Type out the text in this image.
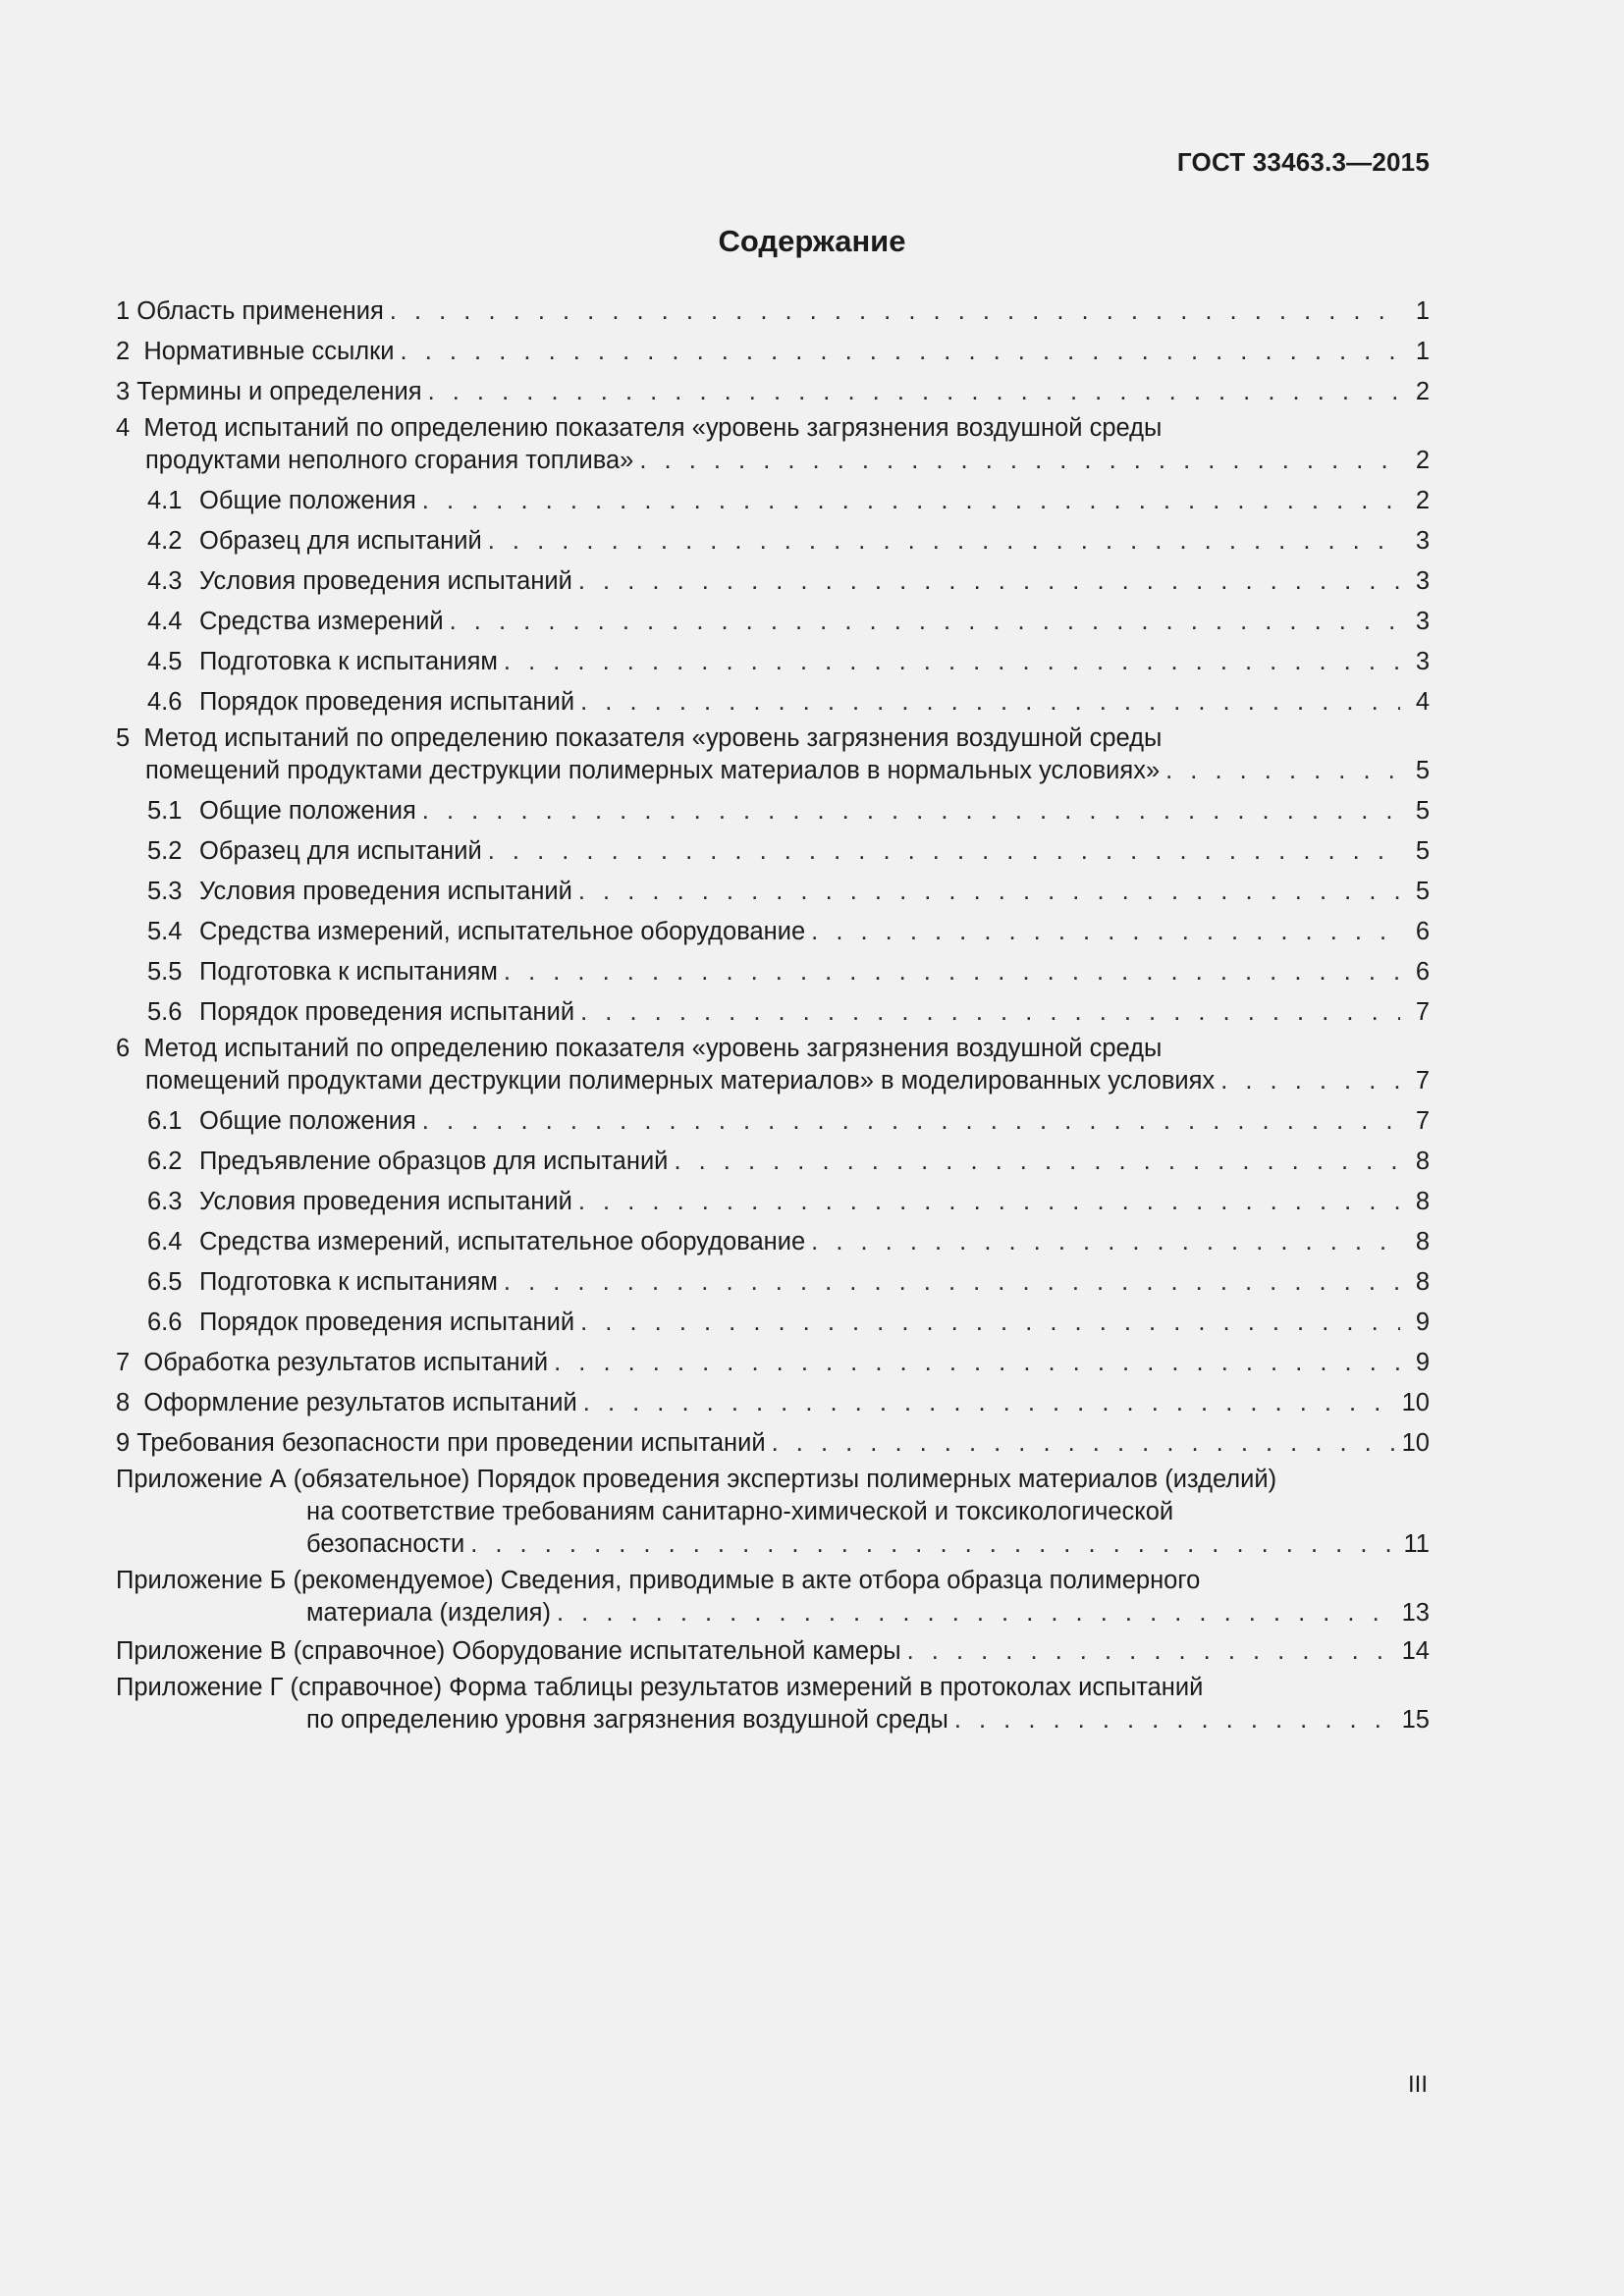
ГОСТ 33463.3—2015
Содержание
1
Область применения . . .	1
2
Нормативные ссылки . . .	1
3
Термины и определения . . .	2
4
Метод испытаний по определению показателя «уровень загрязнения воздушной среды
продуктами неполного сгорания топлива» . . .	2
4.1 Общие положения . . .	2
4.2 Образец для испытаний . . .	3
4.3 Условия проведения испытаний . . .	3
4.4 Средства измерений . . .	3
4.5 Подготовка к испытаниям . . .	3
4.6 Порядок проведения испытаний . . .	4
5
Метод испытаний по определению показателя «уровень загрязнения воздушной среды
помещений продуктами деструкции полимерных материалов в нормальных условиях» . . .	5
5.1 Общие положения . . .	5
5.2 Образец для испытаний . . .	5
5.3 Условия проведения испытаний . . .	5
5.4 Средства измерений, испытательное оборудование . . .	6
5.5 Подготовка к испытаниям . . .	6
5.6 Порядок проведения испытаний . . .	7
6
Метод испытаний по определению показателя «уровень загрязнения воздушной среды
помещений продуктами деструкции полимерных материалов» в моделированных условиях . . .	7
6.1 Общие положения . . .	7
6.2 Предъявление образцов для испытаний . . .	8
6.3 Условия проведения испытаний . . .	8
6.4 Средства измерений, испытательное оборудование . . .	8
6.5 Подготовка к испытаниям . . .	8
6.6 Порядок проведения испытаний . . .	9
7
Обработка результатов испытаний . . .	9
8
Оформление результатов испытаний . . .	10
9
Требования безопасности при проведении испытаний . . .	10
Приложение А (обязательное) Порядок проведения экспертизы полимерных материалов (изделий)
на соответствие требованиям санитарно-химической и токсикологической
безопасности . . .	11
Приложение Б (рекомендуемое) Сведения, приводимые в акте отбора образца полимерного
материала (изделия) . . .	13
Приложение В (справочное) Оборудование испытательной камеры . . .	14
Приложение Г (справочное) Форма таблицы результатов измерений в протоколах испытаний
по определению уровня загрязнения воздушной среды . . .	15
III
